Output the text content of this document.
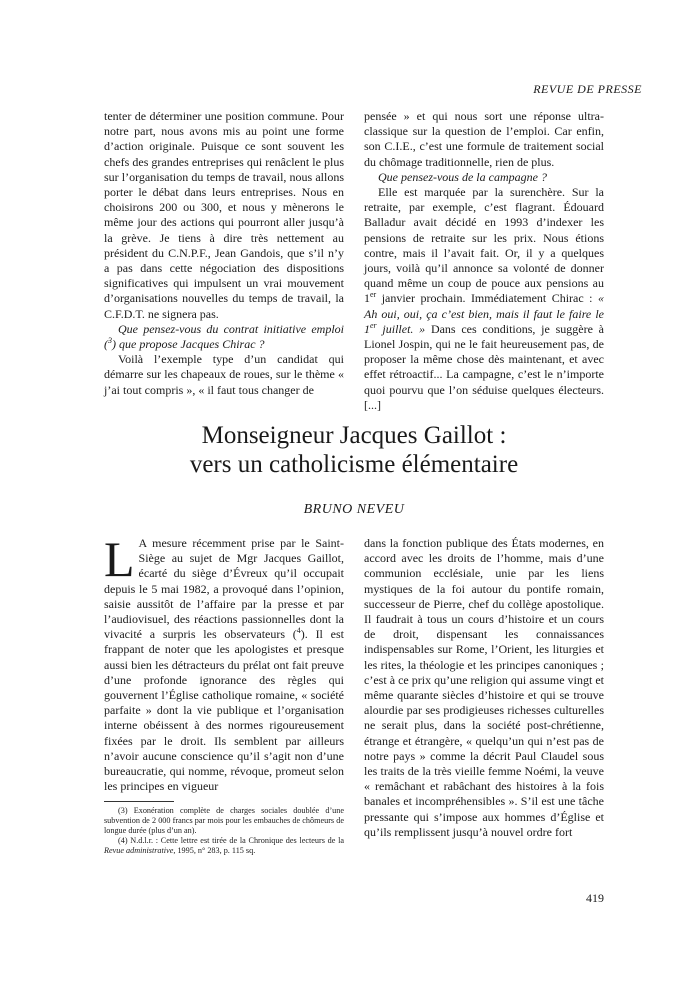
REVUE DE PRESSE

tenter de déterminer une position commune. Pour notre part, nous avons mis au point une forme d’action originale. Puisque ce sont souvent les chefs des grandes entreprises qui renâclent le plus sur l’organisation du temps de travail, nous allons porter le débat dans leurs entreprises. Nous en choisirons 200 ou 300, et nous y mènerons le même jour des actions qui pourront aller jusqu’à la grève. Je tiens à dire très nettement au président du C.N.P.F., Jean Gandois, que s’il n’y a pas dans cette négociation des dispositions significatives qui impulsent un vrai mouvement d’organisations nouvelles du temps de travail, la C.F.D.T. ne signera pas.

Que pensez-vous du contrat initiative emploi ($^3$) que propose Jacques Chirac ?

Voilà l’exemple type d’un candidat qui démarre sur les chapeaux de roues, sur le thème « j’ai tout compris », « il faut tous changer de

pensée » et qui nous sort une réponse ultra-classique sur la question de l’emploi. Car enfin, son C.I.E., c’est une formule de traitement social du chômage traditionnelle, rien de plus.

Que pensez-vous de la campagne ?

Elle est marquée par la surenchère. Sur la retraite, par exemple, c’est flagrant. Édouard Balladur avait décidé en 1993 d’indexer les pensions de retraite sur les prix. Nous étions contre, mais il l’avait fait. Or, il y a quelques jours, voilà qu’il annonce sa volonté de donner quand même un coup de pouce aux pensions au 1er janvier prochain. Immédiatement Chirac : « Ah oui, oui, ça c’est bien, mais il faut le faire le 1er juillet. » Dans ces conditions, je suggère à Lionel Jospin, qui ne le fait heureusement pas, de proposer la même chose dès maintenant, et avec effet rétroactif... La campagne, c’est le n’importe quoi pourvu que l’on séduise quelques électeurs. [...]

Monseigneur Jacques Gaillot :
vers un catholicisme élémentaire
BRUNO NEVEU

L A mesure récemment prise par le Saint-Siège au sujet de Mgr Jacques Gaillot, écarté du siège d’Évreux qu’il occupait depuis le 5 mai 1982, a provoqué dans l’opinion, saisie aussitôt de l’affaire par la presse et par l’audiovisuel, des réactions passionnelles dont la vivacité a surpris les observateurs ($^4$). Il est frappant de noter que les apologistes et presque aussi bien les détracteurs du prélat ont fait preuve d’une profonde ignorance des règles qui gouvernent l’Église catholique romaine, « société parfaite » dont la vie publique et l’organisation interne obéissent à des normes rigoureusement fixées par le droit. Ils semblent par ailleurs n’avoir aucune conscience qu’il s’agit non d’une bureaucratie, qui nomme, révoque, promeut selon les principes en vigueur

(3) Exonération complète de charges sociales doublée d’une subvention de 2 000 francs par mois pour les embauches de chômeurs de longue durée (plus d’un an).

(4) N.d.l.r. : Cette lettre est tirée de la Chronique des lecteurs de la Revue administrative, 1995, n° 283, p. 115 sq.

dans la fonction publique des États modernes, en accord avec les droits de l’homme, mais d’une communion ecclésiale, unie par les liens mystiques de la foi autour du pontife romain, successeur de Pierre, chef du collège apostolique. Il faudrait à tous un cours d’histoire et un cours de droit, dispensant les connaissances indispensables sur Rome, l’Orient, les liturgies et les rites, la théologie et les principes canoniques ; c’est à ce prix qu’une religion qui assume vingt et même quarante siècles d’histoire et qui se trouve alourdie par ses prodigieuses richesses culturelles ne serait plus, dans la société post-chrétienne, étrange et étrangère, « quelqu’un qui n’est pas de notre pays » comme la décrit Paul Claudel sous les traits de la très vieille femme Noémi, la veuve « remâchant et rabâchant des histoires à la fois banales et incompréhensibles ». S’il est une tâche pressante qui s’impose aux hommes d’Église et qu’ils remplissent jusqu’à nouvel ordre fort

419
